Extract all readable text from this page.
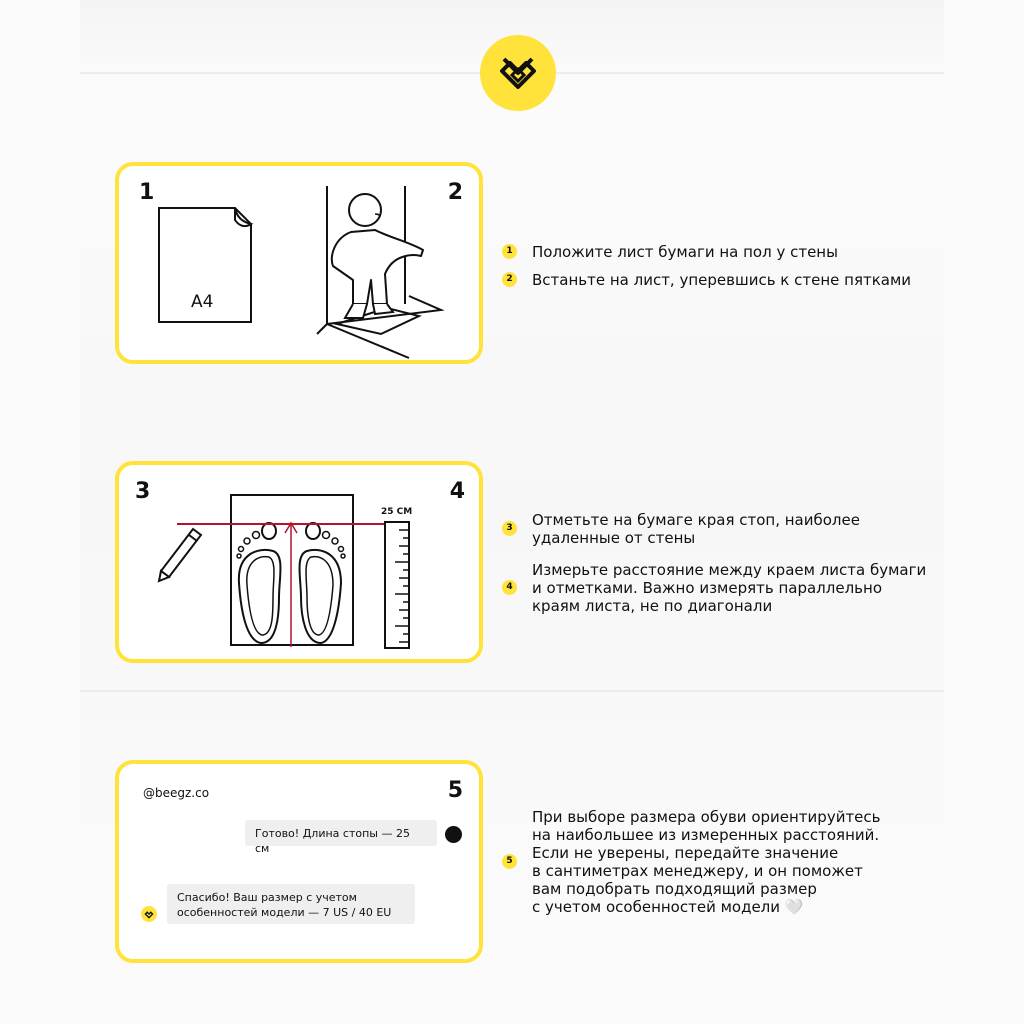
1	2
A4
1 Положите лист бумаги на пол у стены
2 Встаньте на лист, уперевшись к стене пятками
3	4
25 СМ
3 Отметьте на бумаге края стоп, наиболее
удаленные от стены
4
Измерьте расстояние между краем листа бумаги
и отметками. Важно измерять параллельно
краям листа, не по диагонали
@beegz.co	5
Готово! Длина стопы — 25 см
Спасибо! Ваш размер с учетом
особенностей модели — 7 US / 40 EU
5
При выборе размера обуви ориентируйтесь
на наибольшее из измеренных расстояний.
Если не уверены, передайте значение
в сантиметрах менеджеру, и он поможет
вам подобрать подходящий размер
с учетом особенностей модели 🤍
